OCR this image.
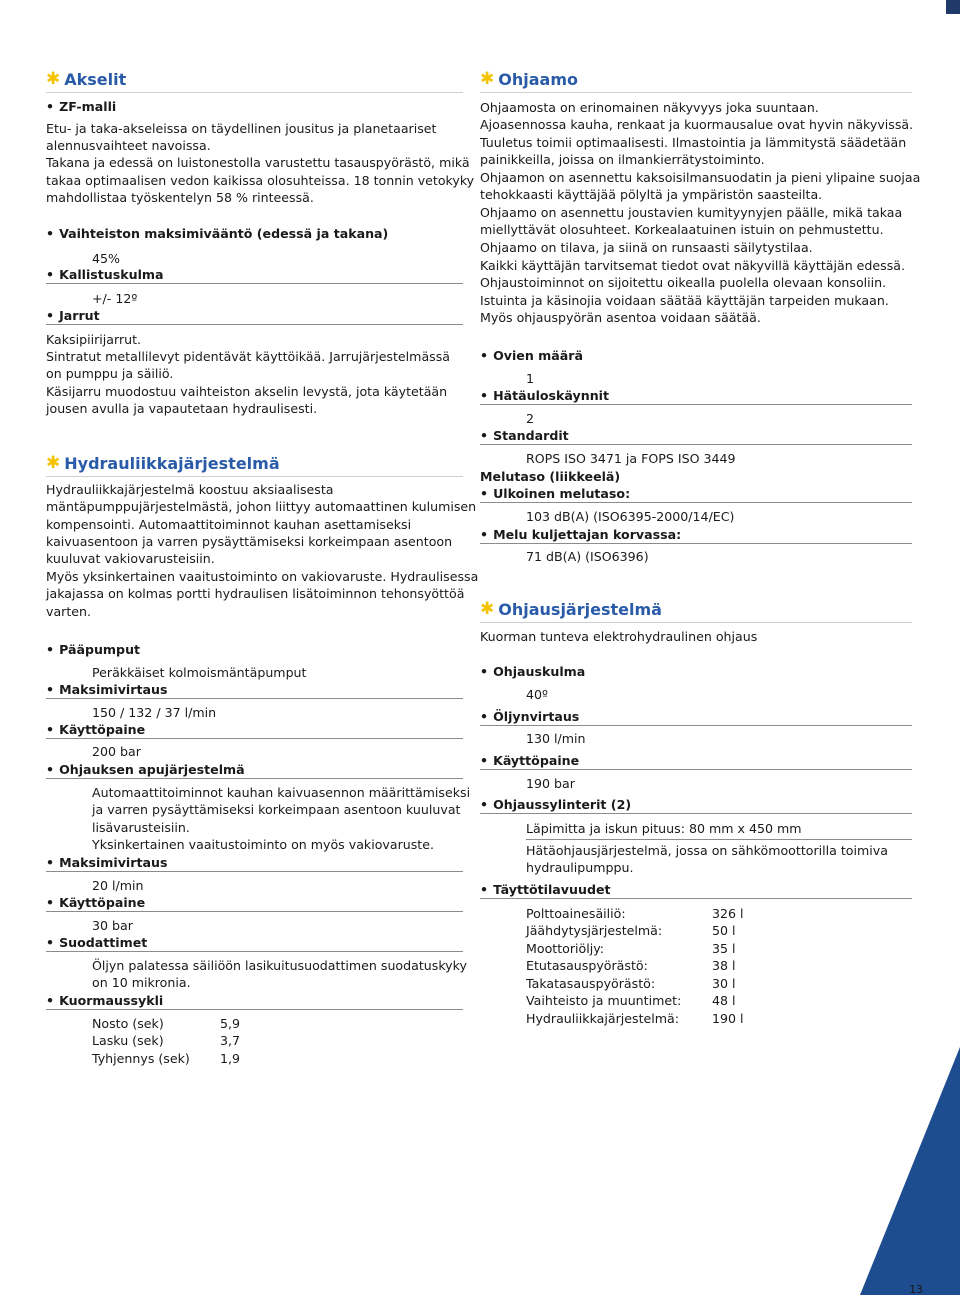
✱ Akselit
• ZF-malli
Etu- ja taka-akseleissa on täydellinen jousitus ja planetaariset
alennusvaihteet navoissa.
Takana ja edessä on luistonestolla varustettu tasauspyörästö, mikä
takaa optimaalisen vedon kaikissa olosuhteissa. 18 tonnin vetokyky
mahdollistaa työskentelyn 58 % rinteessä.
• Vaihteiston maksimivääntö (edessä ja takana)
45%
• Kallistuskulma
+/- 12º
• Jarrut
Kaksipiirijarrut.
Sintratut metallilevyt pidentävät käyttöikää. Jarrujärjestelmässä
on pumppu ja säiliö.
Käsijarru muodostuu vaihteiston akselin levystä, jota käytetään
jousen avulla ja vapautetaan hydraulisesti.
✱ Hydrauliikkajärjestelmä
Hydrauliikkajärjestelmä koostuu aksiaalisesta
mäntäpumppujärjestelmästä, johon liittyy automaattinen kulumisen
kompensointi. Automaattitoiminnot kauhan asettamiseksi
kaivuasentoon ja varren pysäyttämiseksi korkeimpaan asentoon
kuuluvat vakiovarusteisiin.
Myös yksinkertainen vaaitustoiminto on vakiovaruste. Hydraulisessa
jakajassa on kolmas portti hydraulisen lisätoiminnon tehonsyöttöä
varten.
• Pääpumput
Peräkkäiset kolmoismäntäpumput
• Maksimivirtaus
150 / 132 / 37 l/min
• Käyttöpaine
200 bar
• Ohjauksen apujärjestelmä
Automaattitoiminnot kauhan kaivuasennon määrittämiseksi
ja varren pysäyttämiseksi korkeimpaan asentoon kuuluvat
lisävarusteisiin.
Yksinkertainen vaaitustoiminto on myös vakiovaruste.
• Maksimivirtaus
20 l/min
• Käyttöpaine
30 bar
• Suodattimet
Öljyn palatessa säiliöön lasikuitusuodattimen suodatuskyky
on 10 mikronia.
• Kuormaussykli
Nosto (sek)	5,9
Lasku (sek)	3,7
Tyhjennys (sek) 1,9
✱ Ohjaamo
Ohjaamosta on erinomainen näkyvyys joka suuntaan.
Ajoasennossa kauha, renkaat ja kuormausalue ovat hyvin näkyvissä.
Tuuletus toimii optimaalisesti. Ilmastointia ja lämmitystä säädetään
painikkeilla, joissa on ilmankierrätystoiminto.
Ohjaamon on asennettu kaksoisilmansuodatin ja pieni ylipaine suojaa
tehokkaasti käyttäjää pölyltä ja ympäristön saasteilta.
Ohjaamo on asennettu joustavien kumityynyjen päälle, mikä takaa
miellyttävät olosuhteet. Korkealaatuinen istuin on pehmustettu.
Ohjaamo on tilava, ja siinä on runsaasti säilytystilaa.
Kaikki käyttäjän tarvitsemat tiedot ovat näkyvillä käyttäjän edessä.
Ohjaustoiminnot on sijoitettu oikealla puolella olevaan konsoliin.
Istuinta ja käsinojia voidaan säätää käyttäjän tarpeiden mukaan.
Myös ohjauspyörän asentoa voidaan säätää.
• Ovien määrä
1
• Hätäuloskäynnit
2
• Standardit
ROPS ISO 3471 ja FOPS ISO 3449
Melutaso (liikkeelä)
• Ulkoinen melutaso:
103 dB(A) (ISO6395-2000/14/EC)
• Melu kuljettajan korvassa:
71 dB(A) (ISO6396)
✱ Ohjausjärjestelmä
Kuorman tunteva elektrohydraulinen ohjaus
• Ohjauskulma
40º
• Öljynvirtaus
130 l/min
• Käyttöpaine
190 bar
• Ohjaussylinterit (2)
Läpimitta ja iskun pituus: 80 mm x 450 mm
Hätäohjausjärjestelmä, jossa on sähkömoottorilla toimiva
hydraulipumppu.
• Täyttötilavuudet
Polttoainesäiliö:	326 l
Jäähdytysjärjestelmä:	50 l
Moottoriöljy:	35 l
Etutasauspyörästö:	38 l
Takatasauspyörästö:	30 l
Vaihteisto ja muuntimet: 48 l
Hydrauliikkajärjestelmä:	190 l
13
